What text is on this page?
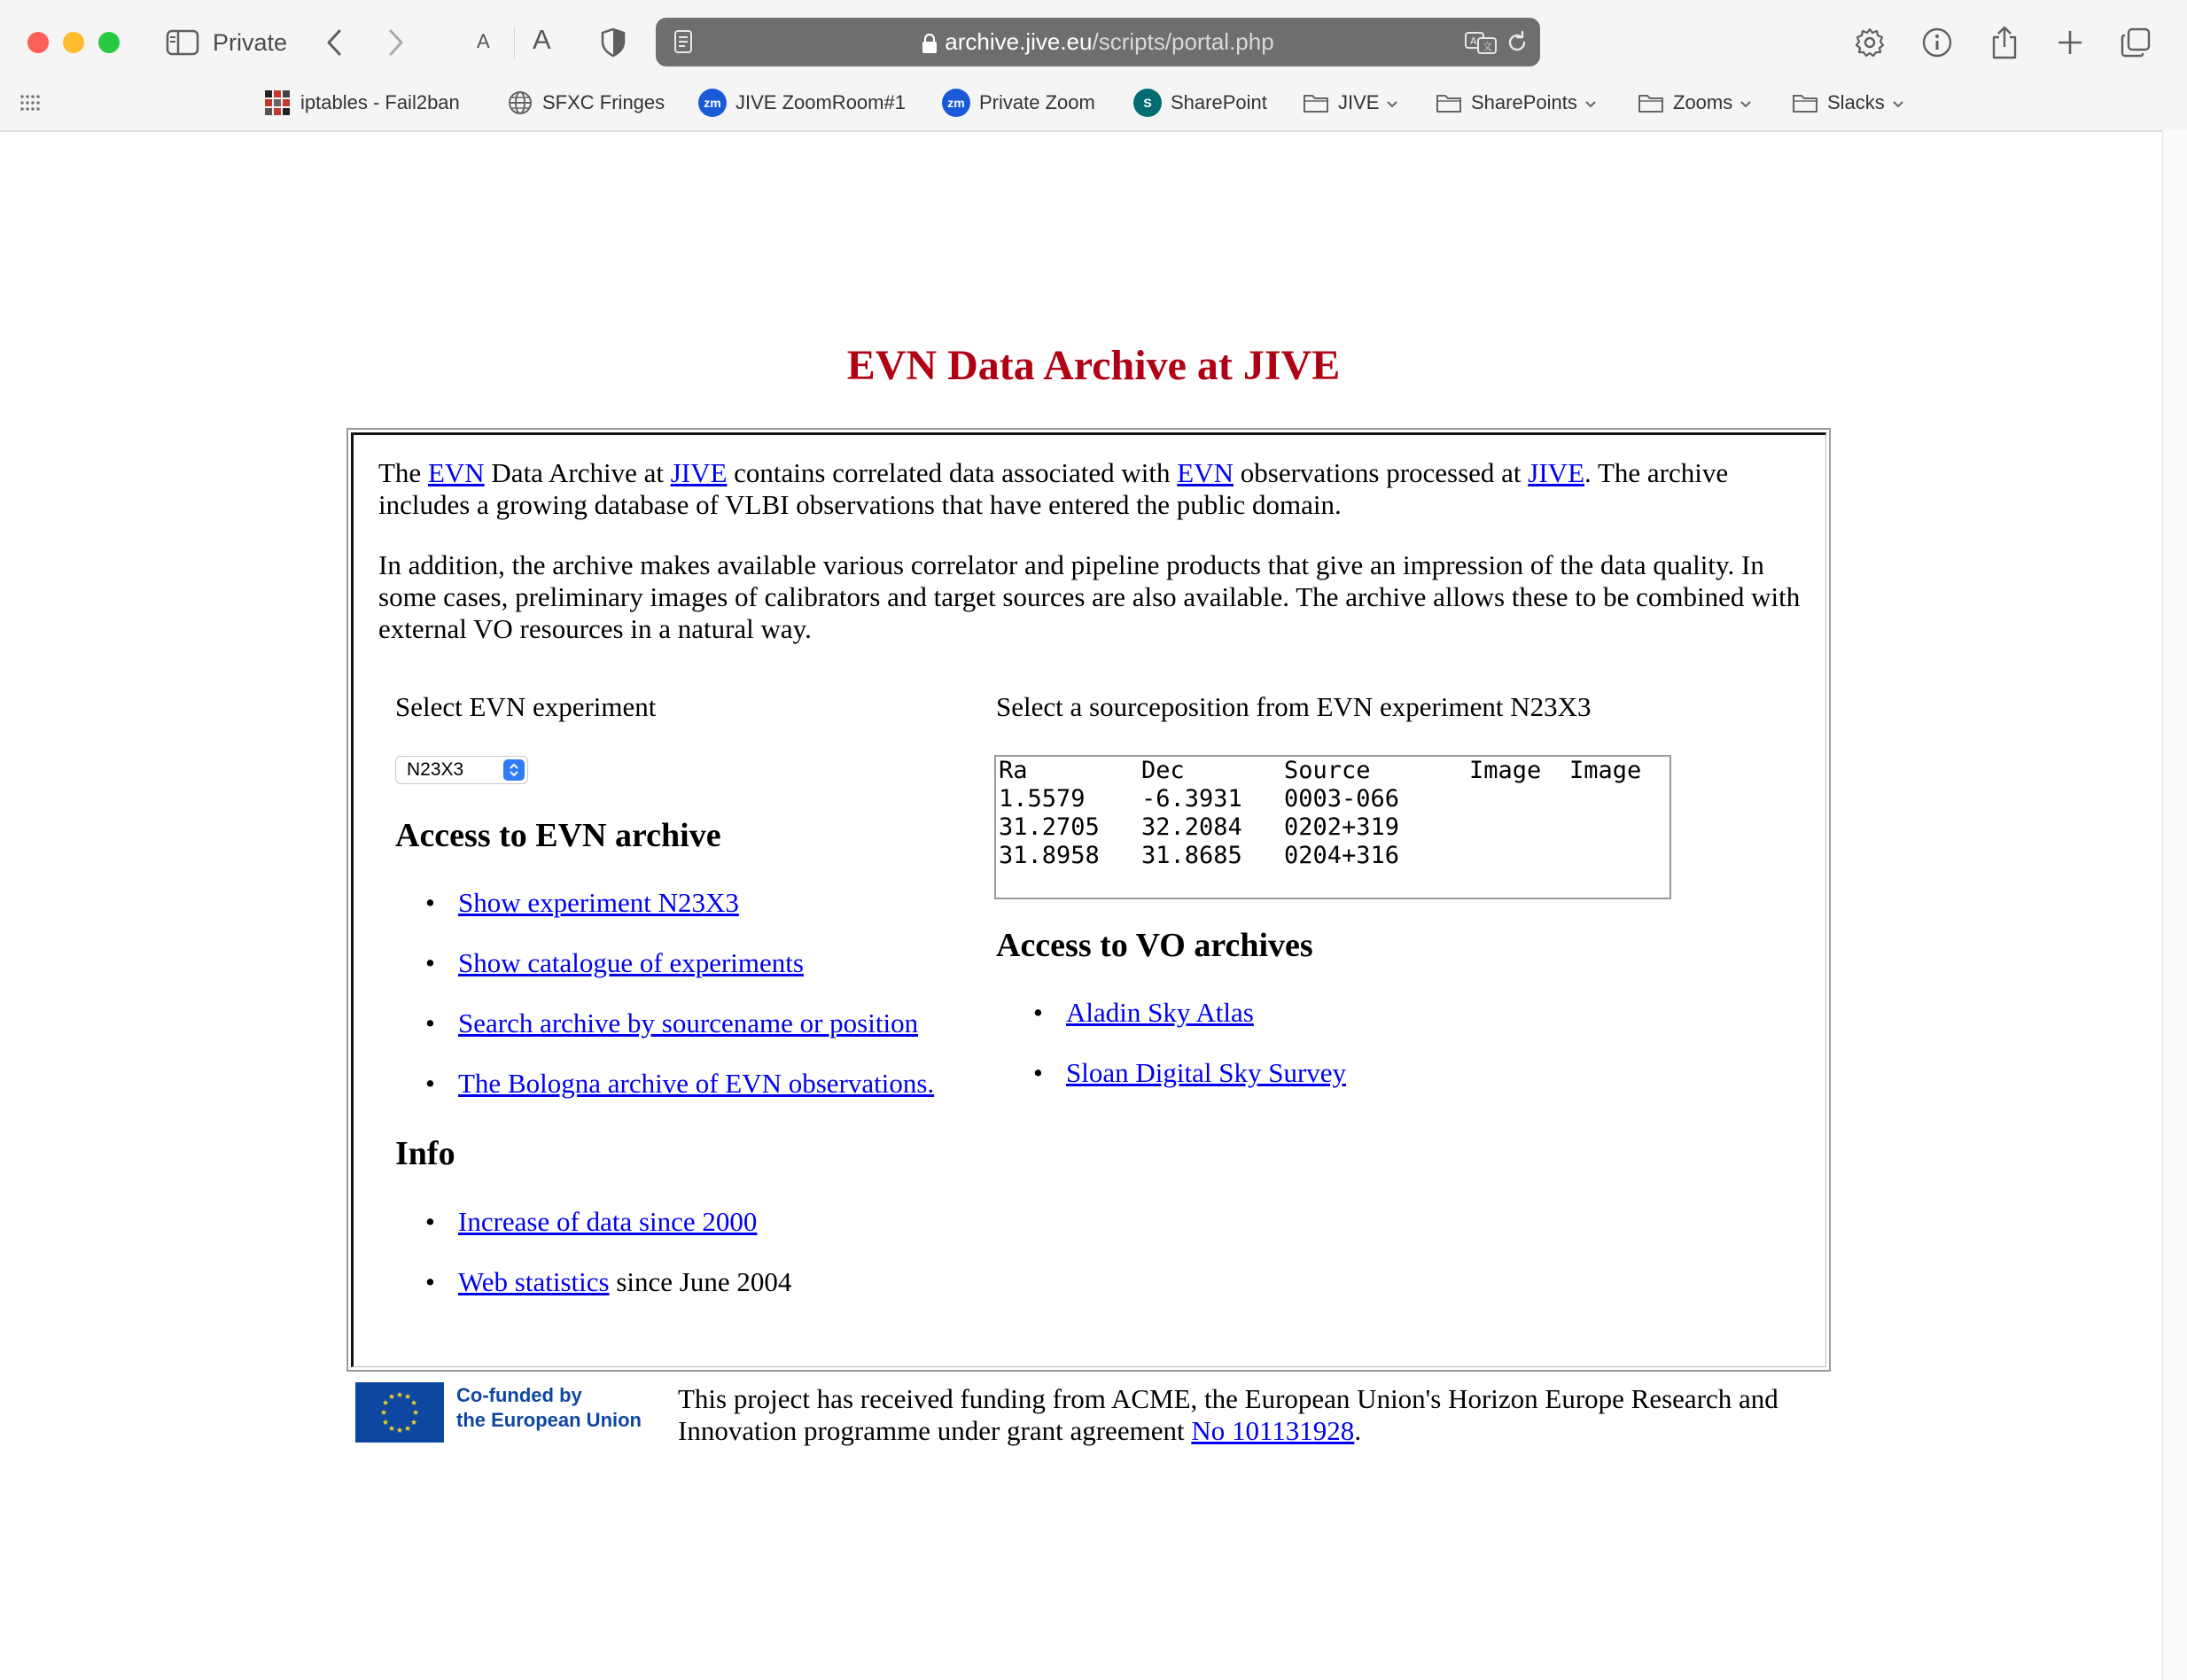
Private	A A	archive.jive.eu/scripts/portal.php	A 文
iptables - Fail2ban	SFXC Fringes	zm JIVE ZoomRoom#1	zm Private Zoom	S SharePoint	JIVE	SharePoints	Zooms	Slacks
EVN Data Archive at JIVE

The EVN Data Archive at JIVE contains correlated data associated with EVN observations processed at JIVE. The archive includes a growing database of VLBI observations that have entered the public domain.

In addition, the archive makes available various correlator and pipeline products that give an impression of the data quality. In some cases, preliminary images of calibrators and target sources are also available. The archive allows these to be combined with external VO resources in a natural way.

Select EVN experiment
N23X3
Access to EVN archive
• Show experiment N23X3
• Show catalogue of experiments
• Search archive by sourcename or position
• The Bologna archive of EVN observations.
Info
• Increase of data since 2000
• Web statistics since June 2004
Select a sourceposition from EVN experiment N23X3
Ra	Dec	Source	Image	Image
1.5579	-6.3931	0003-066		
31.2705	32.2084	0202+319		
31.8958	31.8685	0204+316		
Access to VO archives
• Aladin Sky Atlas
• Sloan Digital Sky Survey
★ ★
★
★
★
★
★
★
★
★
★
★	Co-funded by
the European Union

This project has received funding from ACME, the European Union's Horizon Europe Research and Innovation programme under grant agreement No 101131928.
